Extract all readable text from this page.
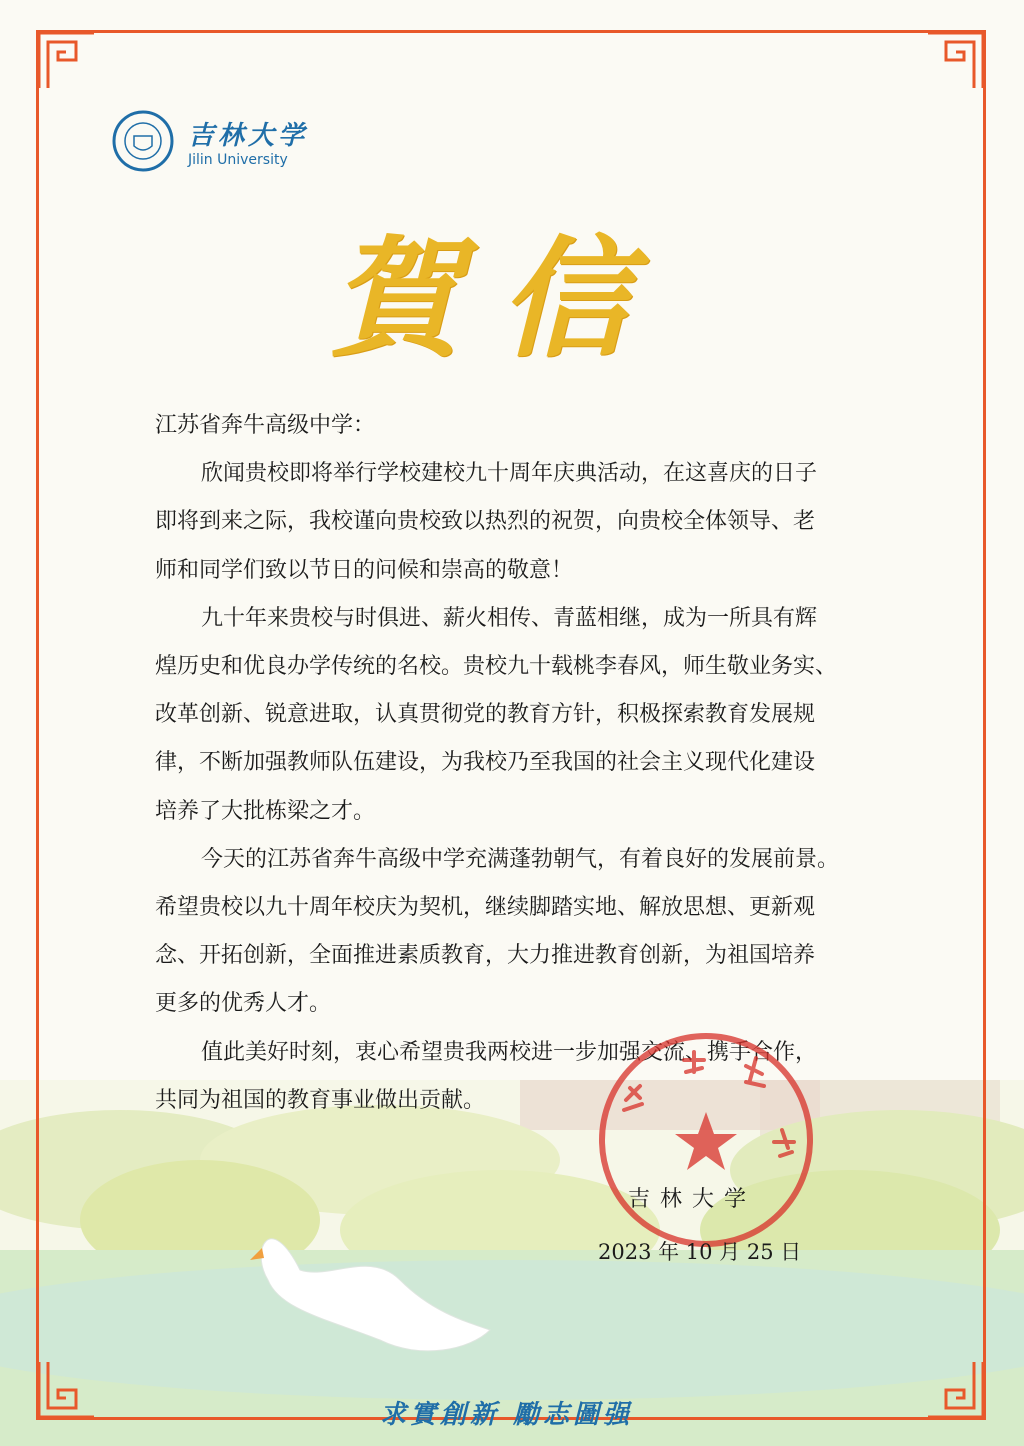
吉林大学
Jilin University
賀信
江苏省奔牛高级中学：
欣闻贵校即将举行学校建校九十周年庆典活动，在这喜庆的日子
即将到来之际，我校谨向贵校致以热烈的祝贺，向贵校全体领导、老
师和同学们致以节日的问候和崇高的敬意！
九十年来贵校与时俱进、薪火相传、青蓝相继，成为一所具有辉
煌历史和优良办学传统的名校。贵校九十载桃李春风，师生敬业务实、
改革创新、锐意进取，认真贯彻党的教育方针，积极探索教育发展规
律，不断加强教师队伍建设，为我校乃至我国的社会主义现代化建设
培养了大批栋梁之才。
今天的江苏省奔牛高级中学充满蓬勃朝气，有着良好的发展前景。
希望贵校以九十周年校庆为契机，继续脚踏实地、解放思想、更新观
念、开拓创新，全面推进素质教育，大力推进教育创新，为祖国培养
更多的优秀人才。
值此美好时刻，衷心希望贵我两校进一步加强交流、携手合作，
共同为祖国的教育事业做出贡献。
吉林大学
2023 年 10 月 25 日
求實創新 勵志圖强
